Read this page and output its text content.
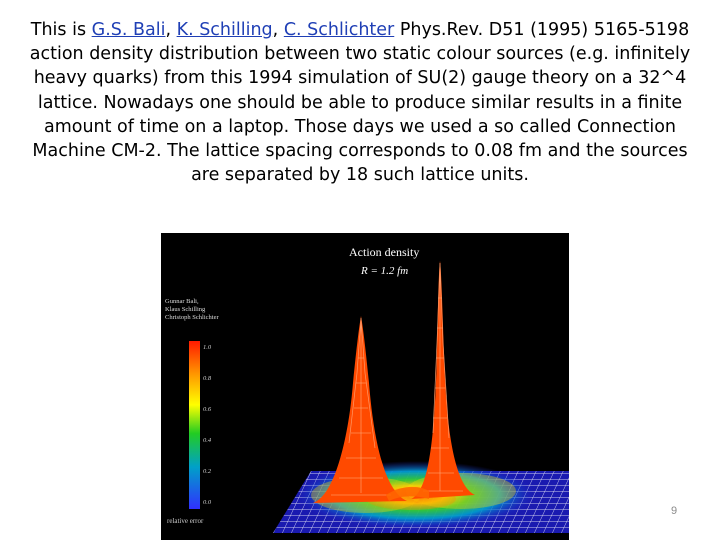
This is G.S. Bali, K. Schilling, C. Schlichter Phys.Rev. D51 (1995) 5165-5198 action density distribution between two static colour sources (e.g. infinitely heavy quarks) from this 1994 simulation of SU(2) gauge theory on a 32^4 lattice. Nowadays one should be able to produce similar results in a finite amount of time on a laptop. Those days we used a so called Connection Machine CM-2. The lattice spacing corresponds to 0.08 fm and the sources are separated by 18 such lattice units.
Action density
R = 1.2 fm
Gunnar Bali,
Klaus Schilling
Christoph Schlichter
1.0
0.8
0.6
0.4
0.2
0.0
relative error
9
